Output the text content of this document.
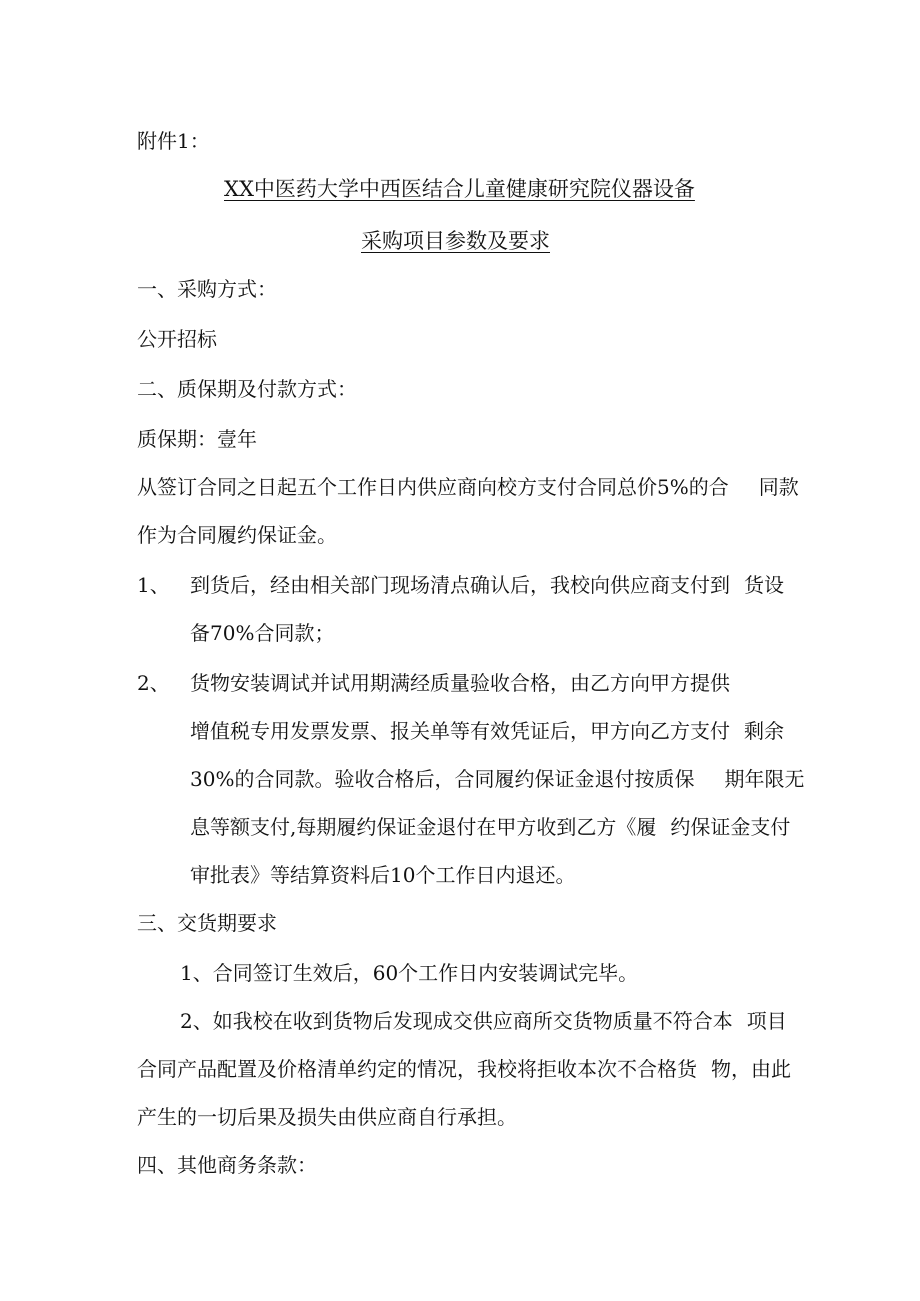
附件1：
XX中医药大学中西医结合儿童健康研究院仪器设备
采购项目参数及要求
一、采购方式：
公开招标
二、质保期及付款方式：
质保期：壹年
从签订合同之日起五个工作日内供应商向校方支付合同总价5%的合 同款
作为合同履约保证金。
1、 到货后，经由相关部门现场清点确认后，我校向供应商支付到 货设
备70%合同款；
2、 货物安装调试并试用期满经质量验收合格，由乙方向甲方提供
增值税专用发票发票、报关单等有效凭证后，甲方向乙方支付 剩余
30%的合同款。验收合格后，合同履约保证金退付按质保 期年限无
息等额支付,每期履约保证金退付在甲方收到乙方《履 约保证金支付
审批表》等结算资料后10个工作日内退还。
三、交货期要求
1、合同签订生效后，60个工作日内安装调试完毕。
2、如我校在收到货物后发现成交供应商所交货物质量不符合本 项目
合同产品配置及价格清单约定的情况，我校将拒收本次不合格货 物，由此
产生的一切后果及损失由供应商自行承担。
四、其他商务条款：
